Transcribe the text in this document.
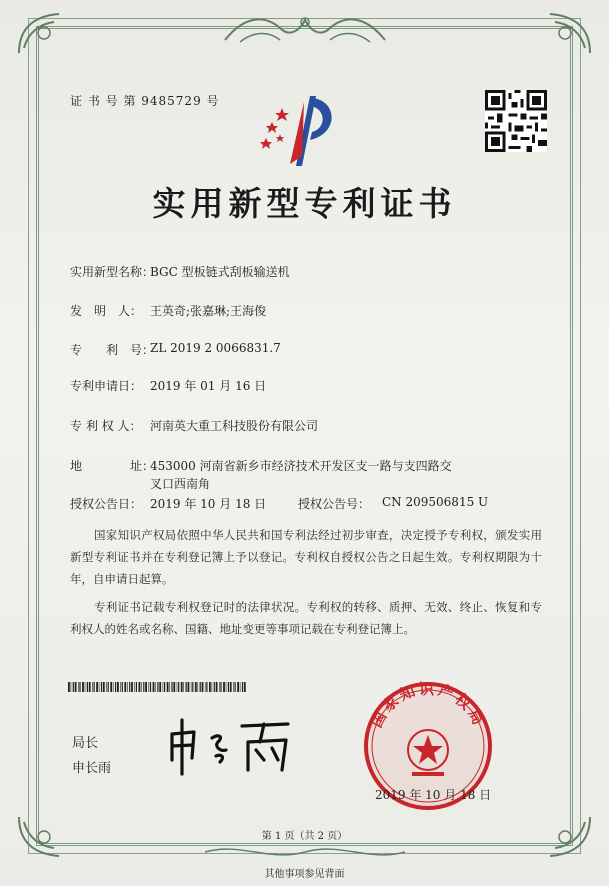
证 书 号 第 9485729 号
实用新型专利证书
实用新型名称：
BGC 型板链式刮板输送机
发　明　人： 王英奇;张嘉琳;王海俊
专　　利　号：
ZL 2019 2 0066831.7
专利申请日： 2019 年 01 月 16 日
专 利 权 人： 河南英大重工科技股份有限公司
地　　　　址：
453000 河南省新乡市经济技术开发区支一路与支四路交
叉口西南角
授权公告日： 2019 年 10 月 18 日	授权公告号： CN 209506815 U
国家知识产权局依照中华人民共和国专利法经过初步审查，决定授予专利权，颁发实用新型专利证书并在专利登记簿上予以登记。专利权自授权公告之日起生效。专利权期限为十年，自申请日起算。
专利证书记载专利权登记时的法律状况。专利权的转移、质押、无效、终止、恢复和专利权人的姓名或名称、国籍、地址变更等事项记载在专利登记簿上。
局长
申长雨
国家知识产权局
2019 年 10 月 18 日
第 1 页（共 2 页）
其他事项参见背面
